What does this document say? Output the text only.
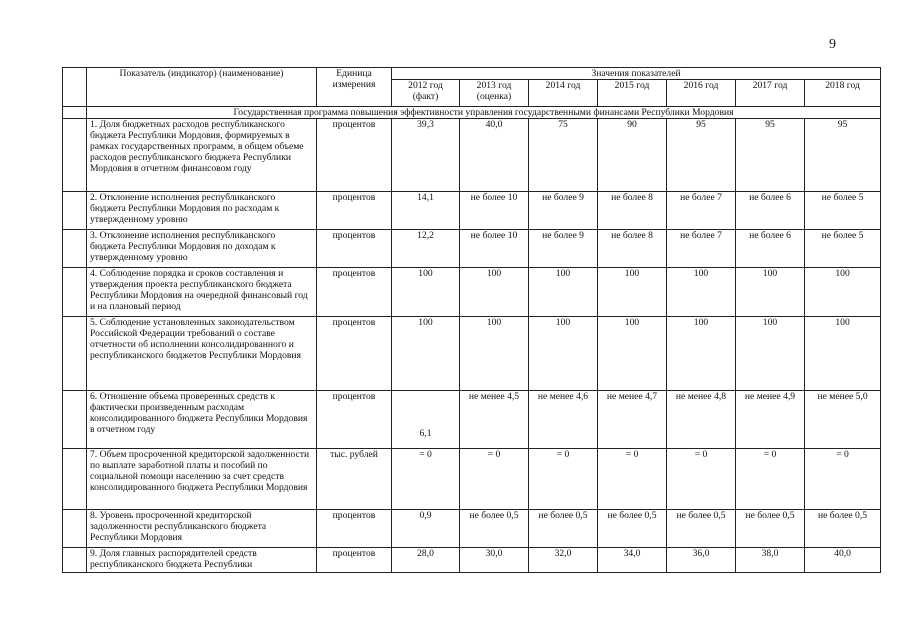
9
	Показатель (индикатор) (наименование)	Единица измерения	Значения показателей						
			2012 год (факт)	2013 год (оценка)	2014 год	2015 год	2016 год	2017 год	2018 год
	Государственная программа повышения эффективности управления государственными финансами Республики Мордовия								
	1. Доля бюджетных расходов республиканского бюджета Республики Мордовия, формируемых в рамках государственных программ, в общем объеме расходов республиканского бюджета Республики Мордовия в отчетном финансовом году	процентов	39,3	40,0	75	90	95	95	95
	2. Отклонение исполнения республиканского бюджета Республики Мордовия по расходам к утвержденному уровню	процентов	14,1	не более 10	не более 9	не более 8	не более 7	не более 6	не более 5
	3. Отклонение исполнения республиканского бюджета Республики Мордовия по доходам к утвержденному уровню	процентов	12,2	не более 10	не более 9	не более 8	не более 7	не более 6	не более 5
	4. Соблюдение порядка и сроков составления и утверждения проекта республиканского бюджета Республики Мордовия на очередной финансовый год и на плановый период	процентов	100	100	100	100	100	100	100
	5. Соблюдение установленных законодательством Российской Федерации требований о составе отчетности об исполнении консолидированного и республиканского бюджетов Республики Мордовия	процентов	100	100	100	100	100	100	100
	6. Отношение объема проверенных средств к фактически произведенным расходам консолидированного бюджета Республики Мордовия в отчетном году	процентов	6,1	не менее 4,5	не менее 4,6	не менее 4,7	не менее 4,8	не менее 4,9	не менее 5,0
	7. Объем просроченной кредиторской задолженности по выплате заработной платы и пособий по социальной помощи населению за счет средств консолидированного бюджета Республики Мордовия	тыс. рублей	= 0	= 0	= 0	= 0	= 0	= 0	= 0
	8. Уровень просроченной кредиторской задолженности республиканского бюджета Республики Мордовия	процентов	0,9	не более 0,5	не более 0,5	не более 0,5	не более 0,5	не более 0,5	не более 0,5
	9. Доля главных распорядителей средств республиканского бюджета Республики	процентов	28,0	30,0	32,0	34,0	36,0	38,0	40,0
